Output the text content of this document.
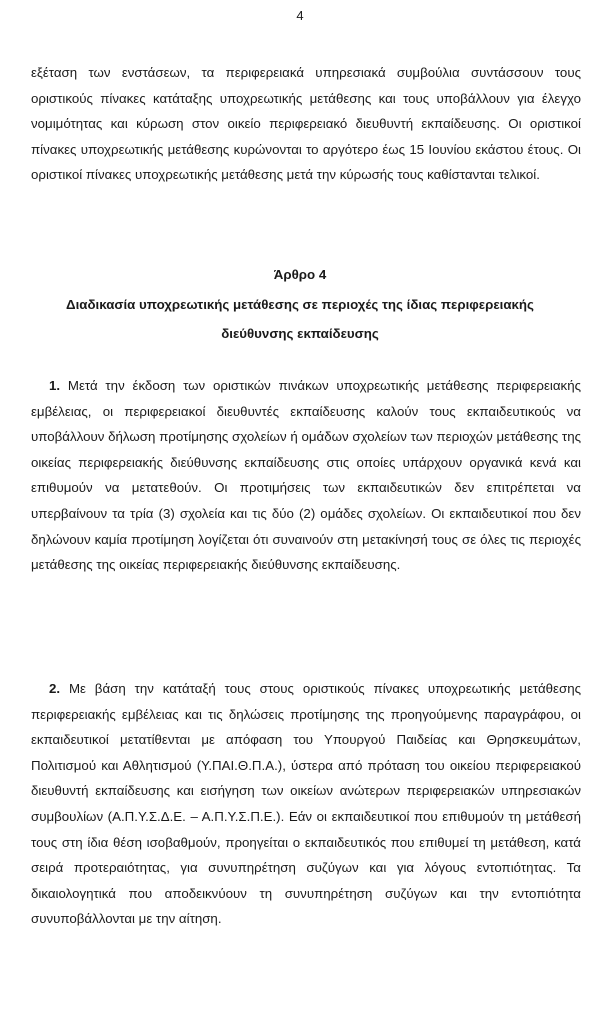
4
εξέταση των ενστάσεων, τα περιφερειακά υπηρεσιακά συμβούλια συντάσσουν τους οριστικούς πίνακες κατάταξης υποχρεωτικής μετάθεσης και τους υποβάλλουν για έλεγχο νομιμότητας και κύρωση στον οικείο περιφερειακό διευθυντή εκπαίδευσης. Οι οριστικοί πίνακες υποχρεωτικής μετάθεσης κυρώνονται το αργότερο έως 15 Ιουνίου εκάστου έτους. Οι οριστικοί πίνακες υποχρεωτικής μετάθεσης μετά την κύρωσής τους καθίστανται τελικοί.
Άρθρο 4
Διαδικασία υποχρεωτικής μετάθεσης σε περιοχές της ίδιας περιφερειακής διεύθυνσης εκπαίδευσης
1. Μετά την έκδοση των οριστικών πινάκων υποχρεωτικής μετάθεσης περιφερειακής εμβέλειας, οι περιφερειακοί διευθυντές εκπαίδευσης καλούν τους εκπαιδευτικούς να υποβάλλουν δήλωση προτίμησης σχολείων ή ομάδων σχολείων των περιοχών μετάθεσης της οικείας περιφερειακής διεύθυνσης εκπαίδευσης στις οποίες υπάρχουν οργανικά κενά και επιθυμούν να μετατεθούν. Οι προτιμήσεις των εκπαιδευτικών δεν επιτρέπεται να υπερβαίνουν τα τρία (3) σχολεία και τις δύο (2) ομάδες σχολείων. Οι εκπαιδευτικοί που δεν δηλώνουν καμία προτίμηση λογίζεται ότι συναινούν στη μετακίνησή τους σε όλες τις περιοχές μετάθεσης της οικείας περιφερειακής διεύθυνσης εκπαίδευσης.
2. Με βάση την κατάταξή τους στους οριστικούς πίνακες υποχρεωτικής μετάθεσης περιφερειακής εμβέλειας και τις δηλώσεις προτίμησης της προηγούμενης παραγράφου, οι εκπαιδευτικοί μετατίθενται με απόφαση του Υπουργού Παιδείας και Θρησκευμάτων, Πολιτισμού και Αθλητισμού (Υ.ΠΑΙ.Θ.Π.Α.), ύστερα από πρόταση του οικείου περιφερειακού διευθυντή εκπαίδευσης και εισήγηση των οικείων ανώτερων περιφερειακών υπηρεσιακών συμβουλίων (Α.Π.Υ.Σ.Δ.Ε. – Α.Π.Υ.Σ.Π.Ε.). Εάν οι εκπαιδευτικοί που επιθυμούν τη μετάθεσή τους στη ίδια θέση ισοβαθμούν, προηγείται ο εκπαιδευτικός που επιθυμεί τη μετάθεση, κατά σειρά προτεραιότητας, για συνυπηρέτηση συζύγων και για λόγους εντοπιότητας. Τα δικαιολογητικά που αποδεικνύουν τη συνυπηρέτηση συζύγων και την εντοπιότητα συνυποβάλλονται με την αίτηση.
